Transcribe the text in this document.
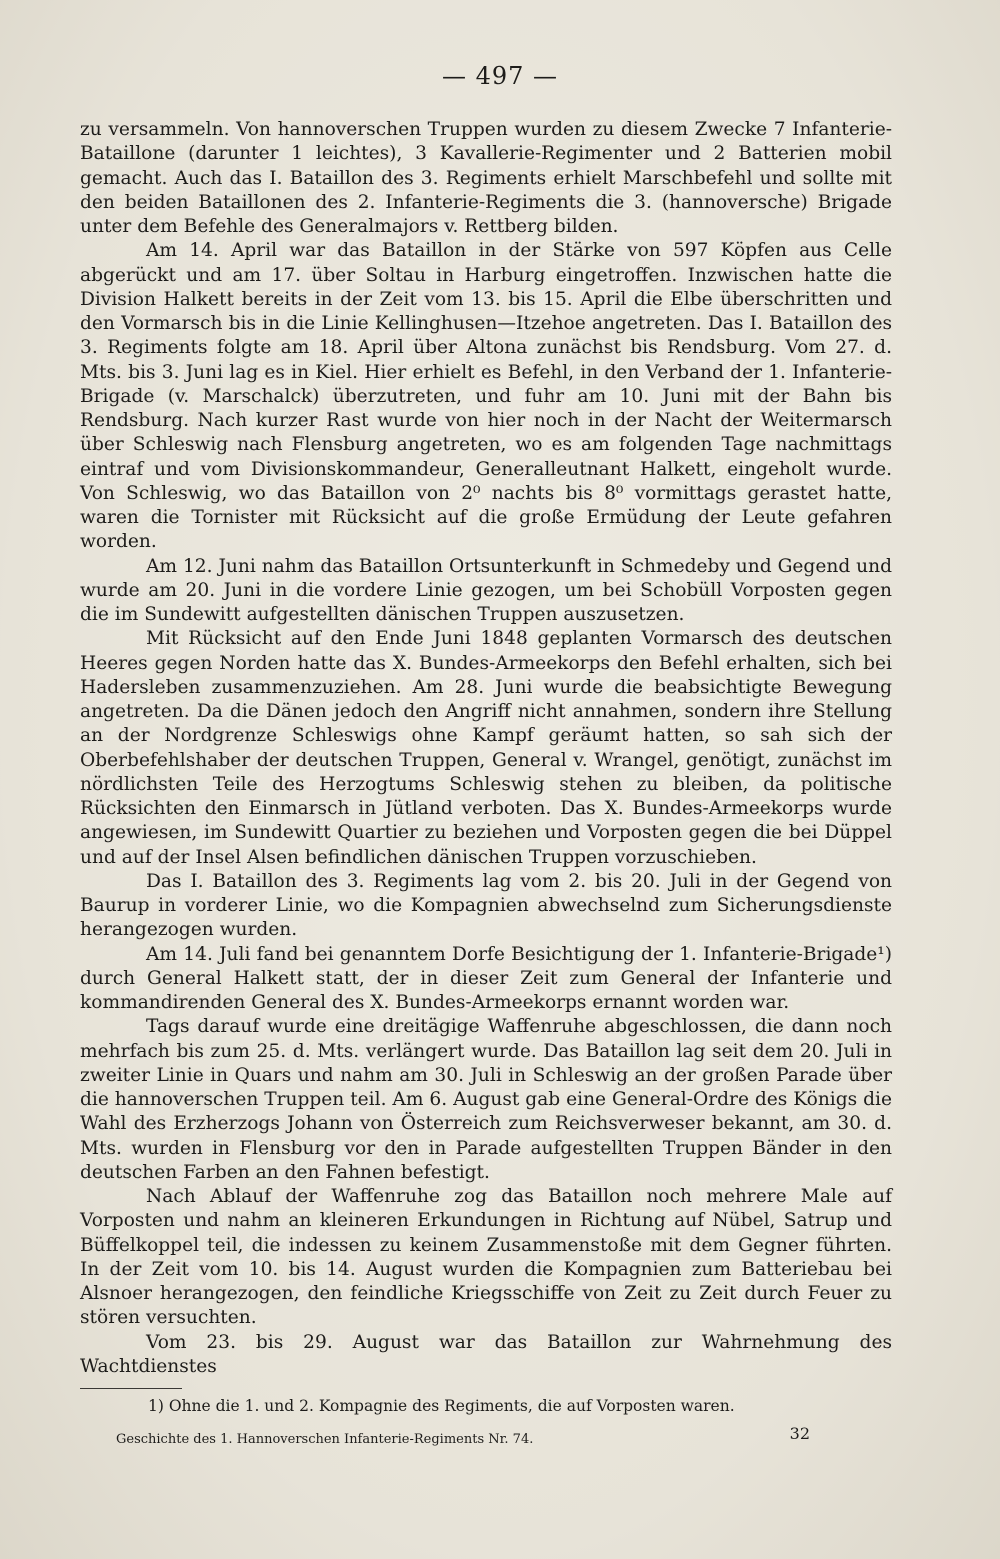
— 497 —

zu versammeln. Von hannoverschen Truppen wurden zu diesem Zwecke 7 Infanterie-Bataillone (darunter 1 leichtes), 3 Kavallerie-Regimenter und 2 Batterien mobil gemacht. Auch das I. Bataillon des 3. Regiments erhielt Marschbefehl und sollte mit den beiden Bataillonen des 2. Infanterie-Regiments die 3. (hannoversche) Brigade unter dem Befehle des Generalmajors v. Rettberg bilden.

Am 14. April war das Bataillon in der Stärke von 597 Köpfen aus Celle abgerückt und am 17. über Soltau in Harburg eingetroffen. Inzwischen hatte die Division Halkett bereits in der Zeit vom 13. bis 15. April die Elbe überschritten und den Vormarsch bis in die Linie Kellinghusen—Itzehoe angetreten. Das I. Bataillon des 3. Regiments folgte am 18. April über Altona zunächst bis Rendsburg. Vom 27. d. Mts. bis 3. Juni lag es in Kiel. Hier erhielt es Befehl, in den Verband der 1. Infanterie-Brigade (v. Marschalck) überzutreten, und fuhr am 10. Juni mit der Bahn bis Rendsburg. Nach kurzer Rast wurde von hier noch in der Nacht der Weitermarsch über Schleswig nach Flensburg angetreten, wo es am folgenden Tage nachmittags eintraf und vom Divisionskommandeur, Generalleutnant Halkett, eingeholt wurde. Von Schleswig, wo das Bataillon von 2⁰ nachts bis 8⁰ vormittags gerastet hatte, waren die Tornister mit Rücksicht auf die große Ermüdung der Leute gefahren worden.

Am 12. Juni nahm das Bataillon Ortsunterkunft in Schmedeby und Gegend und wurde am 20. Juni in die vordere Linie gezogen, um bei Schobüll Vorposten gegen die im Sundewitt aufgestellten dänischen Truppen auszusetzen.

Mit Rücksicht auf den Ende Juni 1848 geplanten Vormarsch des deutschen Heeres gegen Norden hatte das X. Bundes-Armeekorps den Befehl erhalten, sich bei Hadersleben zusammenzuziehen. Am 28. Juni wurde die beabsichtigte Bewegung angetreten. Da die Dänen jedoch den Angriff nicht annahmen, sondern ihre Stellung an der Nordgrenze Schleswigs ohne Kampf geräumt hatten, so sah sich der Oberbefehlshaber der deutschen Truppen, General v. Wrangel, genötigt, zunächst im nördlichsten Teile des Herzogtums Schleswig stehen zu bleiben, da politische Rücksichten den Einmarsch in Jütland verboten. Das X. Bundes-Armeekorps wurde angewiesen, im Sundewitt Quartier zu beziehen und Vorposten gegen die bei Düppel und auf der Insel Alsen befindlichen dänischen Truppen vorzuschieben.

Das I. Bataillon des 3. Regiments lag vom 2. bis 20. Juli in der Gegend von Baurup in vorderer Linie, wo die Kompagnien abwechselnd zum Sicherungsdienste herangezogen wurden.

Am 14. Juli fand bei genanntem Dorfe Besichtigung der 1. Infanterie-Brigade¹) durch General Halkett statt, der in dieser Zeit zum General der Infanterie und kommandirenden General des X. Bundes-Armeekorps ernannt worden war.

Tags darauf wurde eine dreitägige Waffenruhe abgeschlossen, die dann noch mehrfach bis zum 25. d. Mts. verlängert wurde. Das Bataillon lag seit dem 20. Juli in zweiter Linie in Quars und nahm am 30. Juli in Schleswig an der großen Parade über die hannoverschen Truppen teil. Am 6. August gab eine General-Ordre des Königs die Wahl des Erzherzogs Johann von Österreich zum Reichsverweser bekannt, am 30. d. Mts. wurden in Flensburg vor den in Parade aufgestellten Truppen Bänder in den deutschen Farben an den Fahnen befestigt.

Nach Ablauf der Waffenruhe zog das Bataillon noch mehrere Male auf Vorposten und nahm an kleineren Erkundungen in Richtung auf Nübel, Satrup und Büffelkoppel teil, die indessen zu keinem Zusammenstoße mit dem Gegner führten. In der Zeit vom 10. bis 14. August wurden die Kompagnien zum Batteriebau bei Alsnoer herangezogen, den feindliche Kriegsschiffe von Zeit zu Zeit durch Feuer zu stören versuchten.

Vom 23. bis 29. August war das Bataillon zur Wahrnehmung des Wachtdienstes

1) Ohne die 1. und 2. Kompagnie des Regiments, die auf Vorposten waren.
Geschichte des 1. Hannoverschen Infanterie-Regiments Nr. 74.	32
